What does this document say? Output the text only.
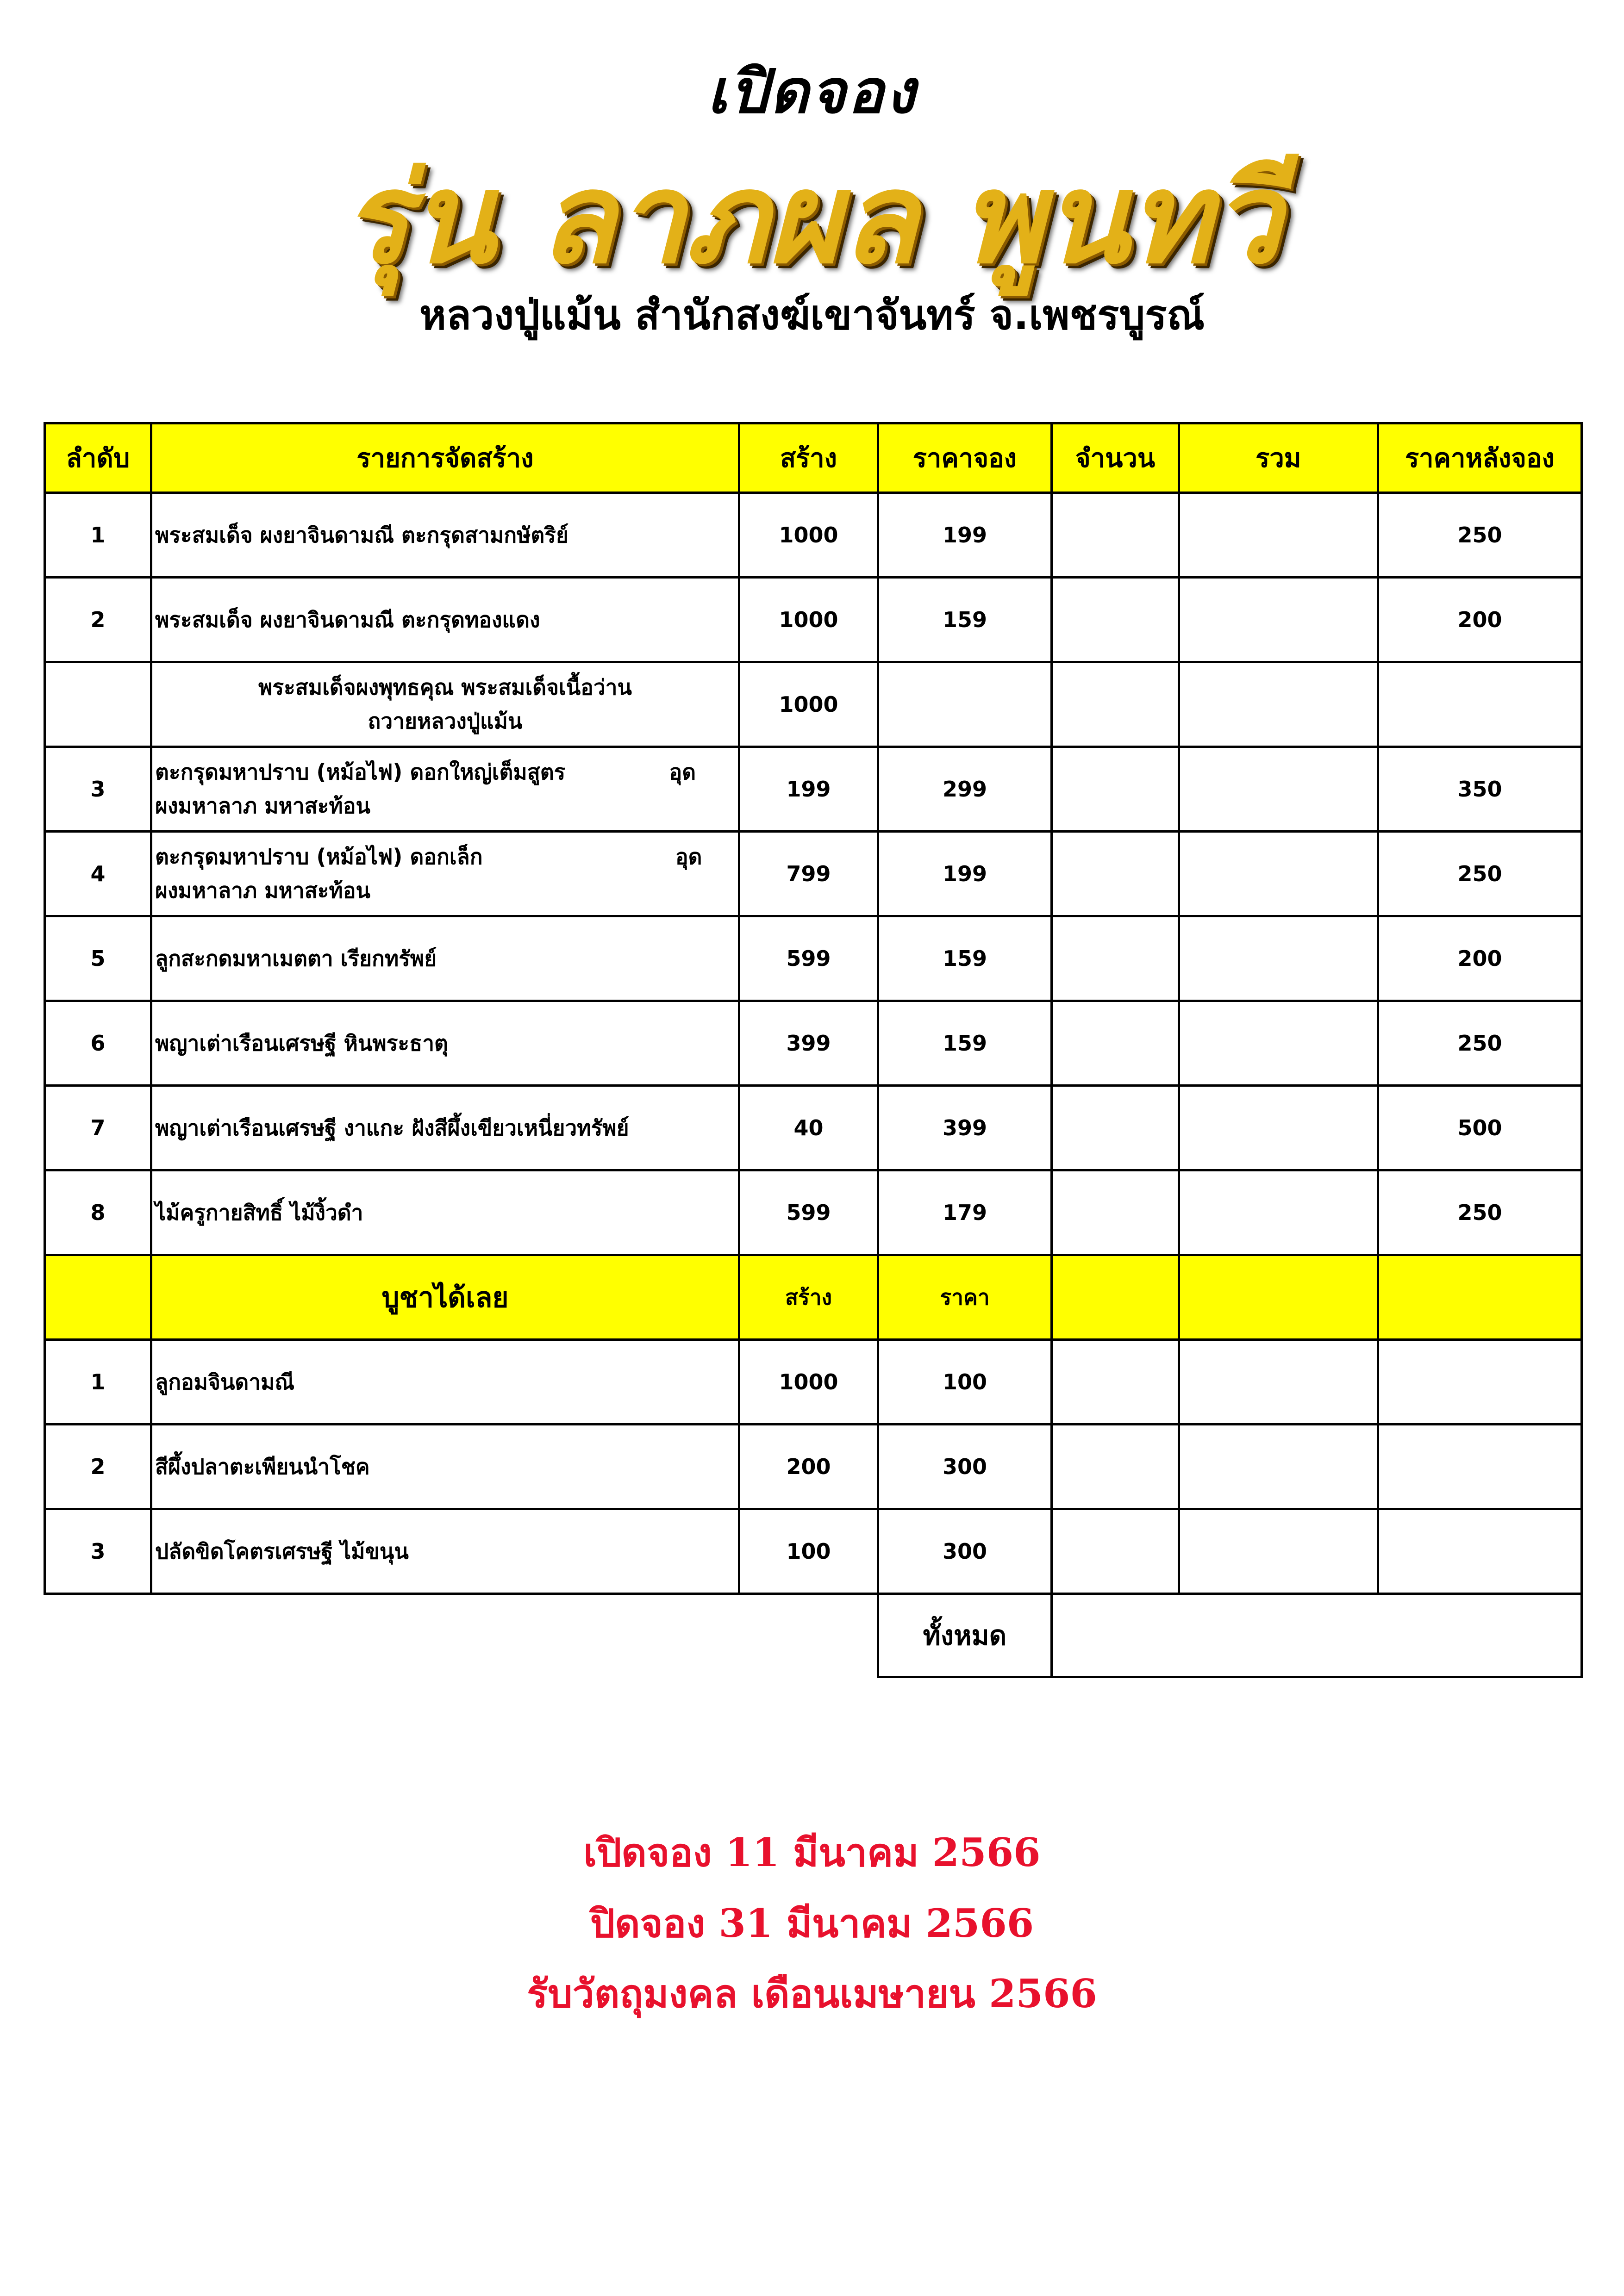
เปิดจอง
รุ่น ลาภผล พูนทวี
หลวงปู่แม้น สำนักสงฆ์เขาจันทร์ จ.เพชรบูรณ์
ลำดับ	รายการจัดสร้าง	สร้าง	ราคาจอง	จำนวน	รวม	ราคาหลังจอง
1	พระสมเด็จ ผงยาจินดามณี ตะกรุดสามกษัตริย์	1000	199			250
2	พระสมเด็จ ผงยาจินดามณี ตะกรุดทองแดง	1000	159			200

	พระสมเด็จผงพุทธคุณ พระสมเด็จเนื้อว่าน
ถวายหลวงปู่แม้น	1000				
3	ตะกรุดมหาปราบ (หม้อไฟ) ดอกใหญ่เต็มสูตร              อุด
ผงมหาลาภ มหาสะท้อน	199	299			350
4	ตะกรุดมหาปราบ (หม้อไฟ) ดอกเล็ก                          อุด
ผงมหาลาภ มหาสะท้อน	799	199			250
5	ลูกสะกดมหาเมตตา เรียกทรัพย์	599	159			200
6	พญาเต่าเรือนเศรษฐี หินพระธาตุ	399	159			250
7	พญาเต่าเรือนเศรษฐี งาแกะ ฝังสีผึ้งเขียวเหนี่ยวทรัพย์	40	399			500
8	ไม้ครูกายสิทธิ์ ไม้งิ้วดำ	599	179			250
	บูชาได้เลย	สร้าง	ราคา			
1	ลูกอมจินดามณี	1000	100			
2	สีผึ้งปลาตะเพียนนำโชค	200	300			
3	ปลัดขิดโคตรเศรษฐี ไม้ขนุน	100	300			
			ทั้งหมด			
เปิดจอง 11 มีนาคม 2566
ปิดจอง 31 มีนาคม 2566
รับวัตถุมงคล เดือนเมษายน 2566
